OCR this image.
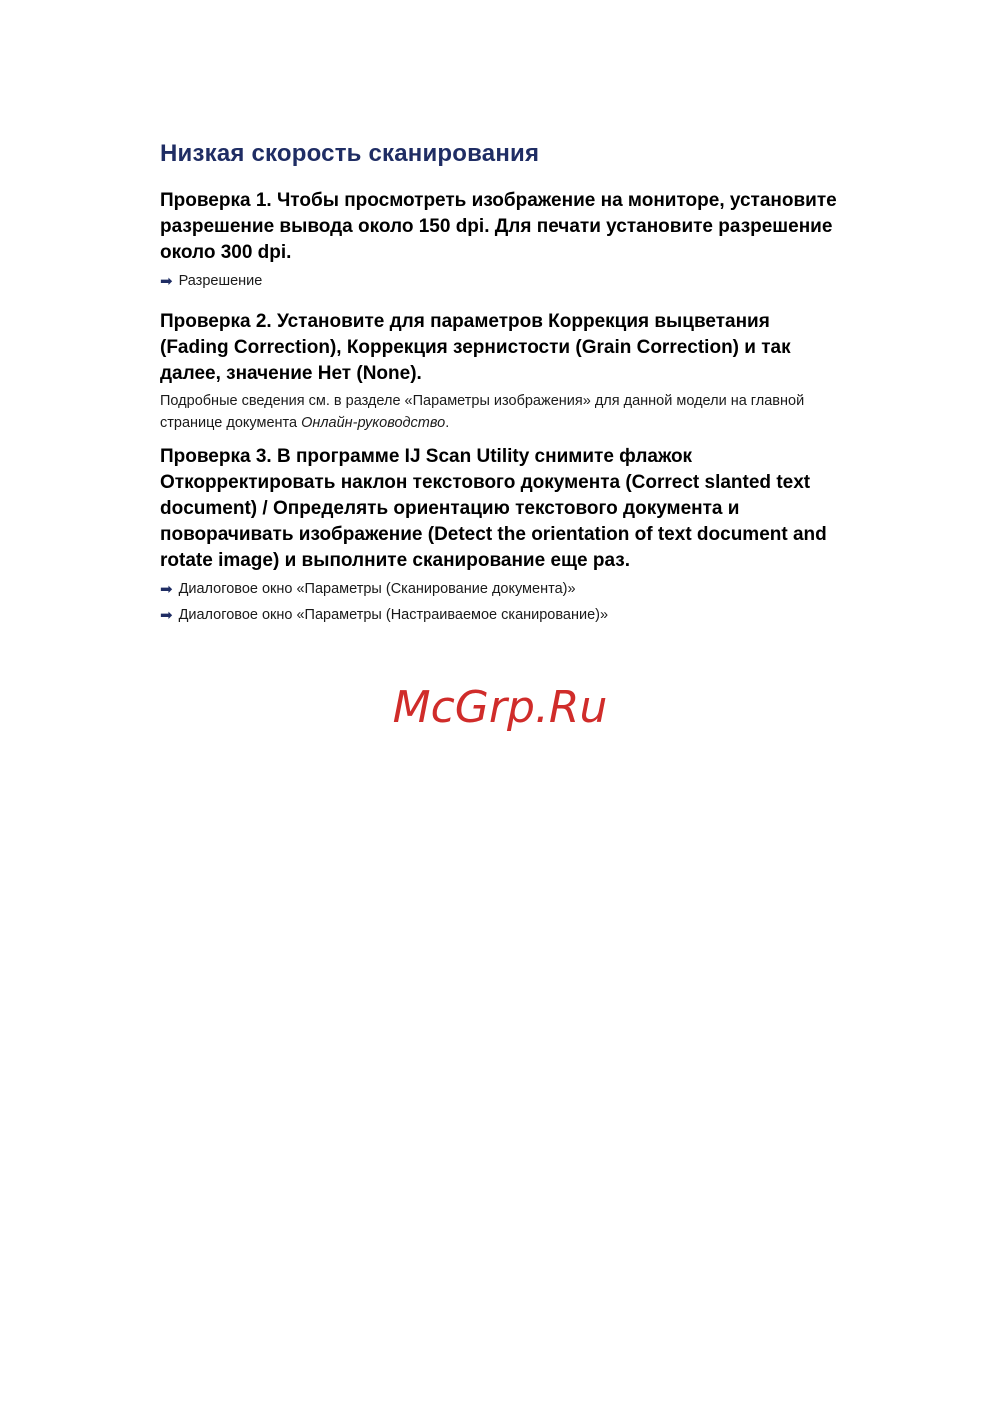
Низкая скорость сканирования

Проверка 1. Чтобы просмотреть изображение на мониторе, установите разрешение вывода около 150 dpi. Для печати установите разрешение около 300 dpi.

➡ Разрешение

Проверка 2. Установите для параметров Коррекция выцветания (Fading Correction), Коррекция зернистости (Grain Correction) и так далее, значение Нет (None).

Подробные сведения см. в разделе «Параметры изображения» для данной модели на главной странице документа Онлайн-руководство.

Проверка 3. В программе IJ Scan Utility снимите флажок Откорректировать наклон текстового документа (Correct slanted text document) / Определять ориентацию текстового документа и поворачивать изображение (Detect the orientation of text document and rotate image) и выполните сканирование еще раз.

➡ Диалоговое окно «Параметры (Сканирование документа)»
➡ Диалоговое окно «Параметры (Настраиваемое сканирование)»
McGrp.Ru
